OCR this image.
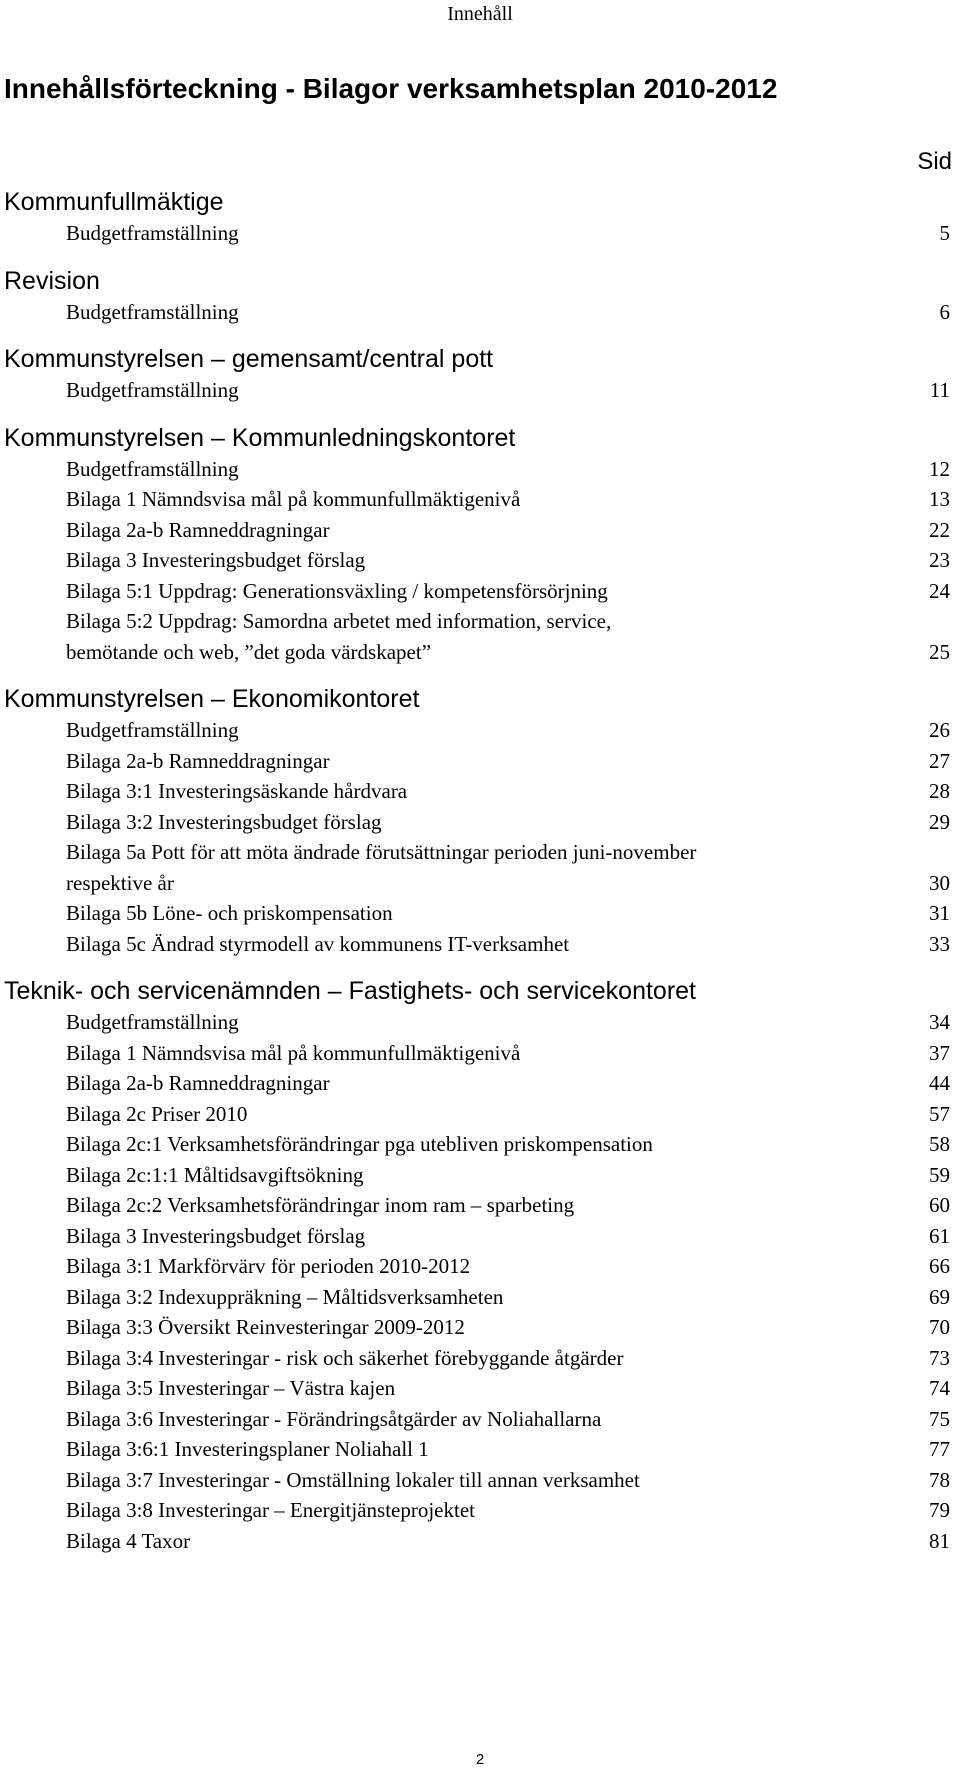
Innehåll
Innehållsförteckning - Bilagor verksamhetsplan 2010-2012
Sid
Kommunfullmäktige
Budgetframställning	5
Revision
Budgetframställning	6
Kommunstyrelsen – gemensamt/central pott
Budgetframställning	11
Kommunstyrelsen – Kommunledningskontoret
Budgetframställning	12
Bilaga 1 Nämndsvisa mål på kommunfullmäktigenivå	13
Bilaga 2a-b Ramneddragningar	22
Bilaga 3 Investeringsbudget förslag	23
Bilaga 5:1 Uppdrag: Generationsväxling / kompetensförsörjning	24
Bilaga 5:2 Uppdrag: Samordna arbetet med information, service,
bemötande och web, ”det goda värdskapet”	25
Kommunstyrelsen – Ekonomikontoret
Budgetframställning	26
Bilaga 2a-b Ramneddragningar	27
Bilaga 3:1 Investeringsäskande hårdvara	28
Bilaga 3:2 Investeringsbudget förslag	29
Bilaga 5a Pott för att möta ändrade förutsättningar perioden juni-november
respektive år	30
Bilaga 5b Löne- och priskompensation	31
Bilaga 5c Ändrad styrmodell av kommunens IT-verksamhet	33
Teknik- och servicenämnden – Fastighets- och servicekontoret
Budgetframställning	34
Bilaga 1 Nämndsvisa mål på kommunfullmäktigenivå	37
Bilaga 2a-b Ramneddragningar	44
Bilaga 2c Priser 2010	57
Bilaga 2c:1 Verksamhetsförändringar pga utebliven priskompensation	58
Bilaga 2c:1:1 Måltidsavgiftsökning	59
Bilaga 2c:2 Verksamhetsförändringar inom ram – sparbeting	60
Bilaga 3 Investeringsbudget förslag	61
Bilaga 3:1 Markförvärv för perioden 2010-2012	66
Bilaga 3:2 Indexuppräkning – Måltidsverksamheten	69
Bilaga 3:3 Översikt Reinvesteringar 2009-2012	70
Bilaga 3:4 Investeringar - risk och säkerhet förebyggande åtgärder	73
Bilaga 3:5 Investeringar – Västra kajen	74
Bilaga 3:6 Investeringar - Förändringsåtgärder av Noliahallarna	75
Bilaga 3:6:1 Investeringsplaner Noliahall 1	77
Bilaga 3:7 Investeringar - Omställning lokaler till annan verksamhet	78
Bilaga 3:8 Investeringar – Energitjänsteprojektet	79
Bilaga 4 Taxor	81
2
